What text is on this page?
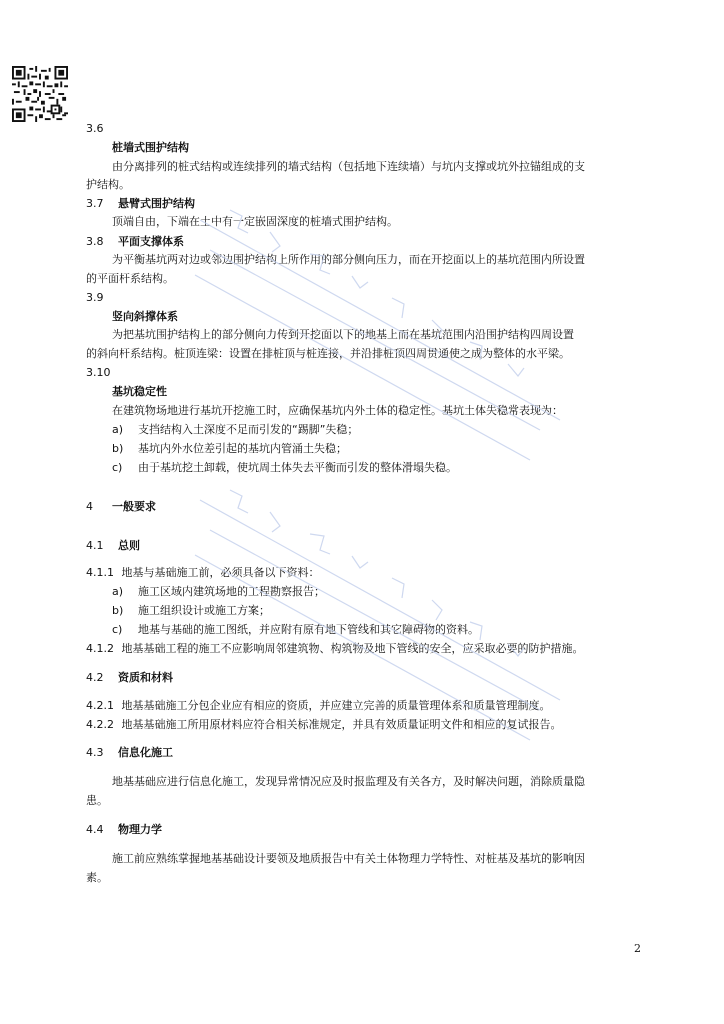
3.6
桩墙式围护结构
由分离排列的桩式结构或连续排列的墙式结构（包括地下连续墙）与坑内支撑或坑外拉锚组成的支
护结构。
3.7 悬臂式围护结构
顶端自由，下端在土中有一定嵌固深度的桩墙式围护结构。
3.8 平面支撑体系
为平衡基坑两对边或邻边围护结构上所作用的部分侧向压力，而在开挖面以上的基坑范围内所设置
的平面杆系结构。
3.9
竖向斜撑体系
为把基坑围护结构上的部分侧向力传到开挖面以下的地基上而在基坑范围内沿围护结构四周设置
的斜向杆系结构。桩顶连梁：设置在排桩顶与桩连接，并沿排桩顶四周贯通使之成为整体的水平梁。
3.10
基坑稳定性
在建筑物场地进行基坑开挖施工时，应确保基坑内外土体的稳定性。基坑土体失稳常表现为：
a)	支挡结构入土深度不足而引发的“踢脚”失稳；
b)	基坑内外水位差引起的基坑内管涌土失稳；
c)	由于基坑挖土卸载，使坑周土体失去平衡而引发的整体滑塌失稳。
4 一般要求
4.1 总则
4.1.1 地基与基础施工前，必须具备以下资料：
a)	施工区域内建筑场地的工程勘察报告；
b)	施工组织设计或施工方案；
c)	地基与基础的施工图纸，并应附有原有地下管线和其它障碍物的资料。
4.1.2 地基基础工程的施工不应影响周邻建筑物、构筑物及地下管线的安全，应采取必要的防护措施。
4.2 资质和材料
4.2.1 地基基础施工分包企业应有相应的资质，并应建立完善的质量管理体系和质量管理制度。
4.2.2 地基基础施工所用原材料应符合相关标准规定，并具有效质量证明文件和相应的复试报告。
4.3 信息化施工
地基基础应进行信息化施工，发现异常情况应及时报监理及有关各方，及时解决问题，消除质量隐
患。
4.4 物理力学
施工前应熟练掌握地基基础设计要领及地质报告中有关土体物理力学特性、对桩基及基坑的影响因
素。
2
